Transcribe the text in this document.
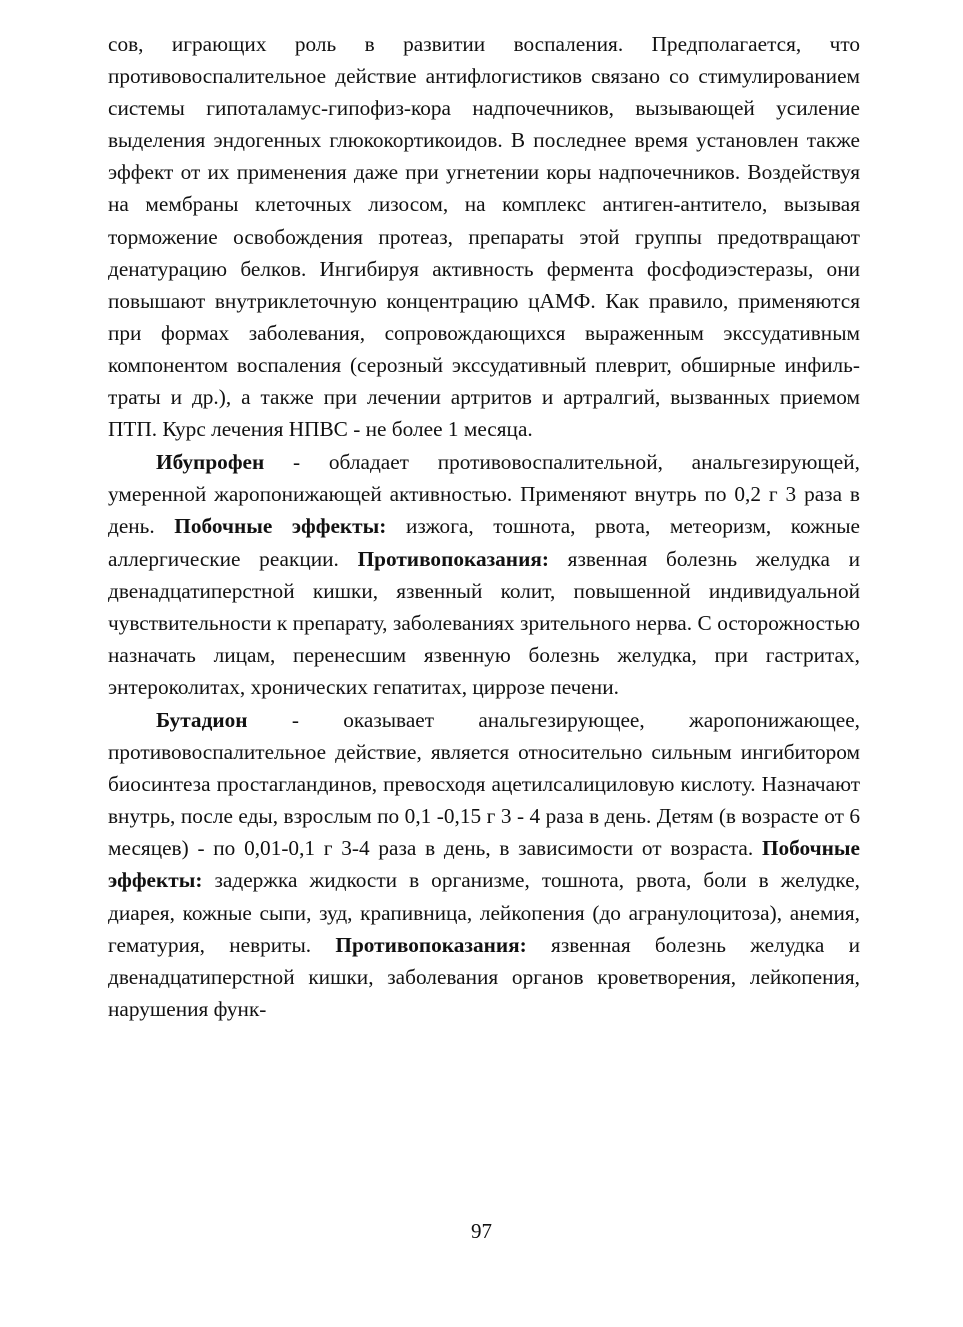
сов, играющих роль в развитии воспаления. Предполагается, что противовоспалительное действие антифлогистиков связано со стимулированием системы гипоталамус-гипофиз-кора надпочечников, вызывающей усиление выделения эндогенных глюкокортикоидов. В последнее время установлен также эффект от их применения даже при угнетении коры надпочечников. Воздействуя на мембраны клеточных лизосом, на комплекс антиген-антитело, вызывая торможение освобождения протеаз, препараты этой группы предотвращают денатурацию белков. Ингибируя активность фермента фосфодиэстеразы, они повышают внутриклеточную концентрацию цАМФ. Как правило, применяются при формах заболевания, сопровождающихся выраженным экссудативным компонентом воспаления (серозный экссудативный плеврит, обширные инфильтраты и др.), а также при лечении артритов и артралгий, вызванных приемом ПТП. Курс лечения НПВС - не более 1 месяца.

Ибупрофен - обладает противовоспалительной, анальгезирующей, умеренной жаропонижающей активностью. Применяют внутрь по 0,2 г 3 раза в день. Побочные эффекты: изжога, тошнота, рвота, метеоризм, кожные аллергические реакции. Противопоказания: язвенная болезнь желудка и двенадцатиперстной кишки, язвенный колит, повышенной индивидуальной чувствительности к препарату, заболеваниях зрительного нерва. С осторожностью назначать лицам, перенесшим язвенную болезнь желудка, при гастритах, энтероколитах, хронических гепатитах, циррозе печени.

Бутадион - оказывает анальгезирующее, жаропонижающее, противовоспалительное действие, является относительно сильным ингибитором биосинтеза простагландинов, превосходя ацетилсалициловую кислоту. Назначают внутрь, после еды, взрослым по 0,1 -0,15 г 3 - 4 раза в день. Детям (в возрасте от 6 месяцев) - по 0,01-0,1 г 3-4 раза в день, в зависимости от возраста. Побочные эффекты: задержка жидкости в организме, тошнота, рвота, боли в желудке, диарея, кожные сыпи, зуд, крапивница, лейкопения (до агранулоцитоза), анемия, гематурия, невриты. Противопоказания: язвенная болезнь желудка и двенадцатиперстной кишки, заболевания органов кроветворения, лейкопения, нарушения функ-

97
